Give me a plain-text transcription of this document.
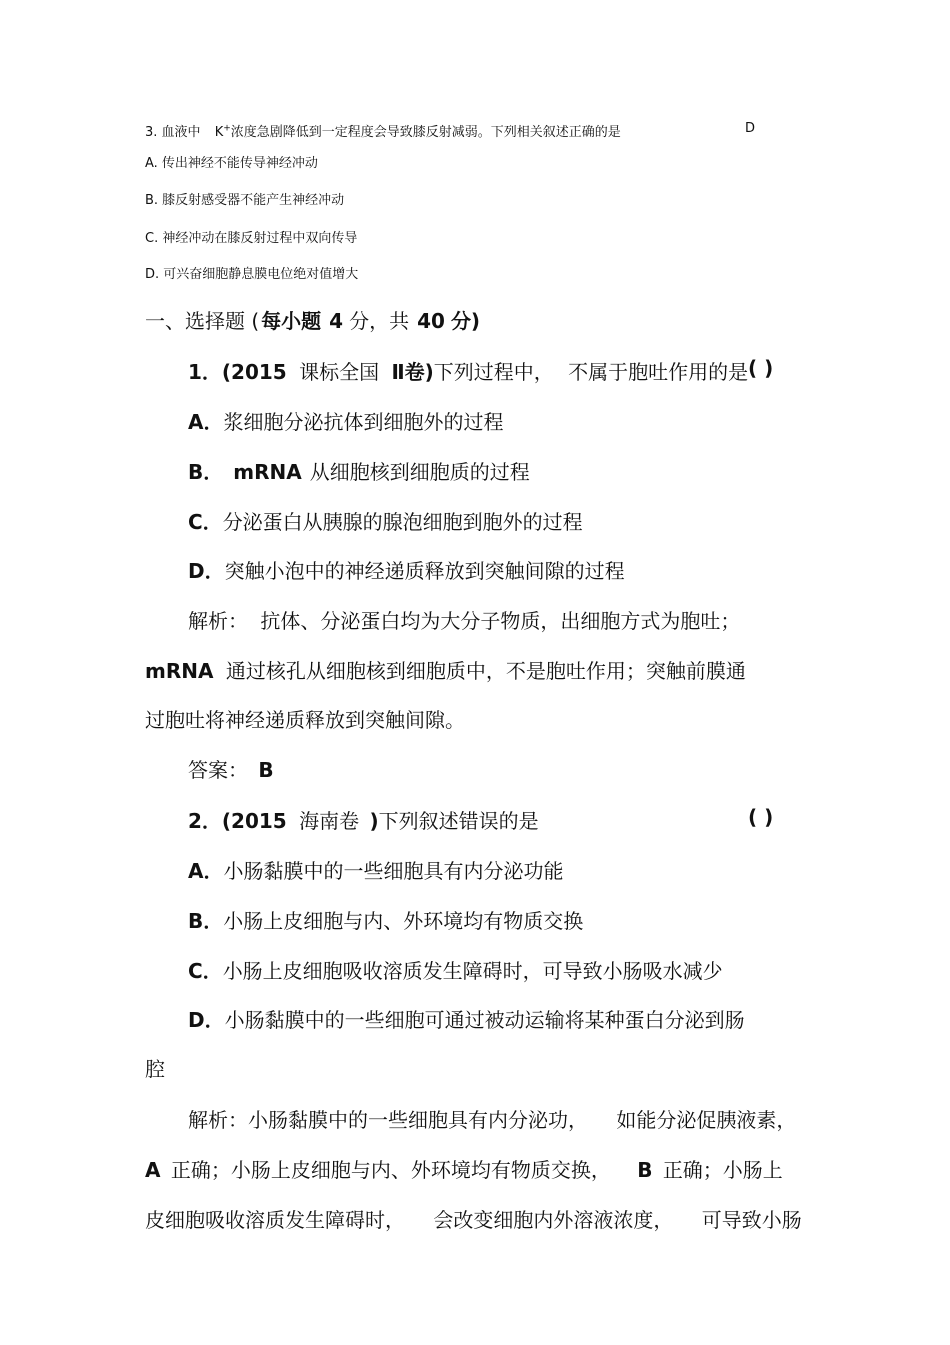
3. 血液中 K+浓度急剧降低到一定程度会导致膝反射减弱。下列相关叙述正确的是	D
A. 传出神经不能传导神经冲动
B. 膝反射感受器不能产生神经冲动
C. 神经冲动在膝反射过程中双向传导
D. 可兴奋细胞静息膜电位绝对值增大
一、选择题 ( 每小题 4 分，共 40 分)
1．(2015 课标全国 Ⅱ卷)下列过程中， 不属于胞吐作用的是 ( )
A．浆细胞分泌抗体到细胞外的过程
B． mRNA 从细胞核到细胞质的过程
C．分泌蛋白从胰腺的腺泡细胞到胞外的过程
D．突触小泡中的神经递质释放到突触间隙的过程
解析： 抗体、分泌蛋白均为大分子物质，出细胞方式为胞吐；
mRNA 通过核孔从细胞核到细胞质中，不是胞吐作用；突触前膜通
过胞吐将神经递质释放到突触间隙。
答案： B
2．(2015 海南卷 )下列叙述错误的是	( )
A．小肠黏膜中的一些细胞具有内分泌功能
B．小肠上皮细胞与内、外环境均有物质交换
C．小肠上皮细胞吸收溶质发生障碍时，可导致小肠吸水减少
D．小肠黏膜中的一些细胞可通过被动运输将某种蛋白分泌到肠
腔
解析：小肠黏膜中的一些细胞具有内分泌功， 如能分泌促胰液素，
A 正确；小肠上皮细胞与内、外环境均有物质交换， B 正确；小肠上
皮细胞吸收溶质发生障碍时， 会改变细胞内外溶液浓度， 可导致小肠
